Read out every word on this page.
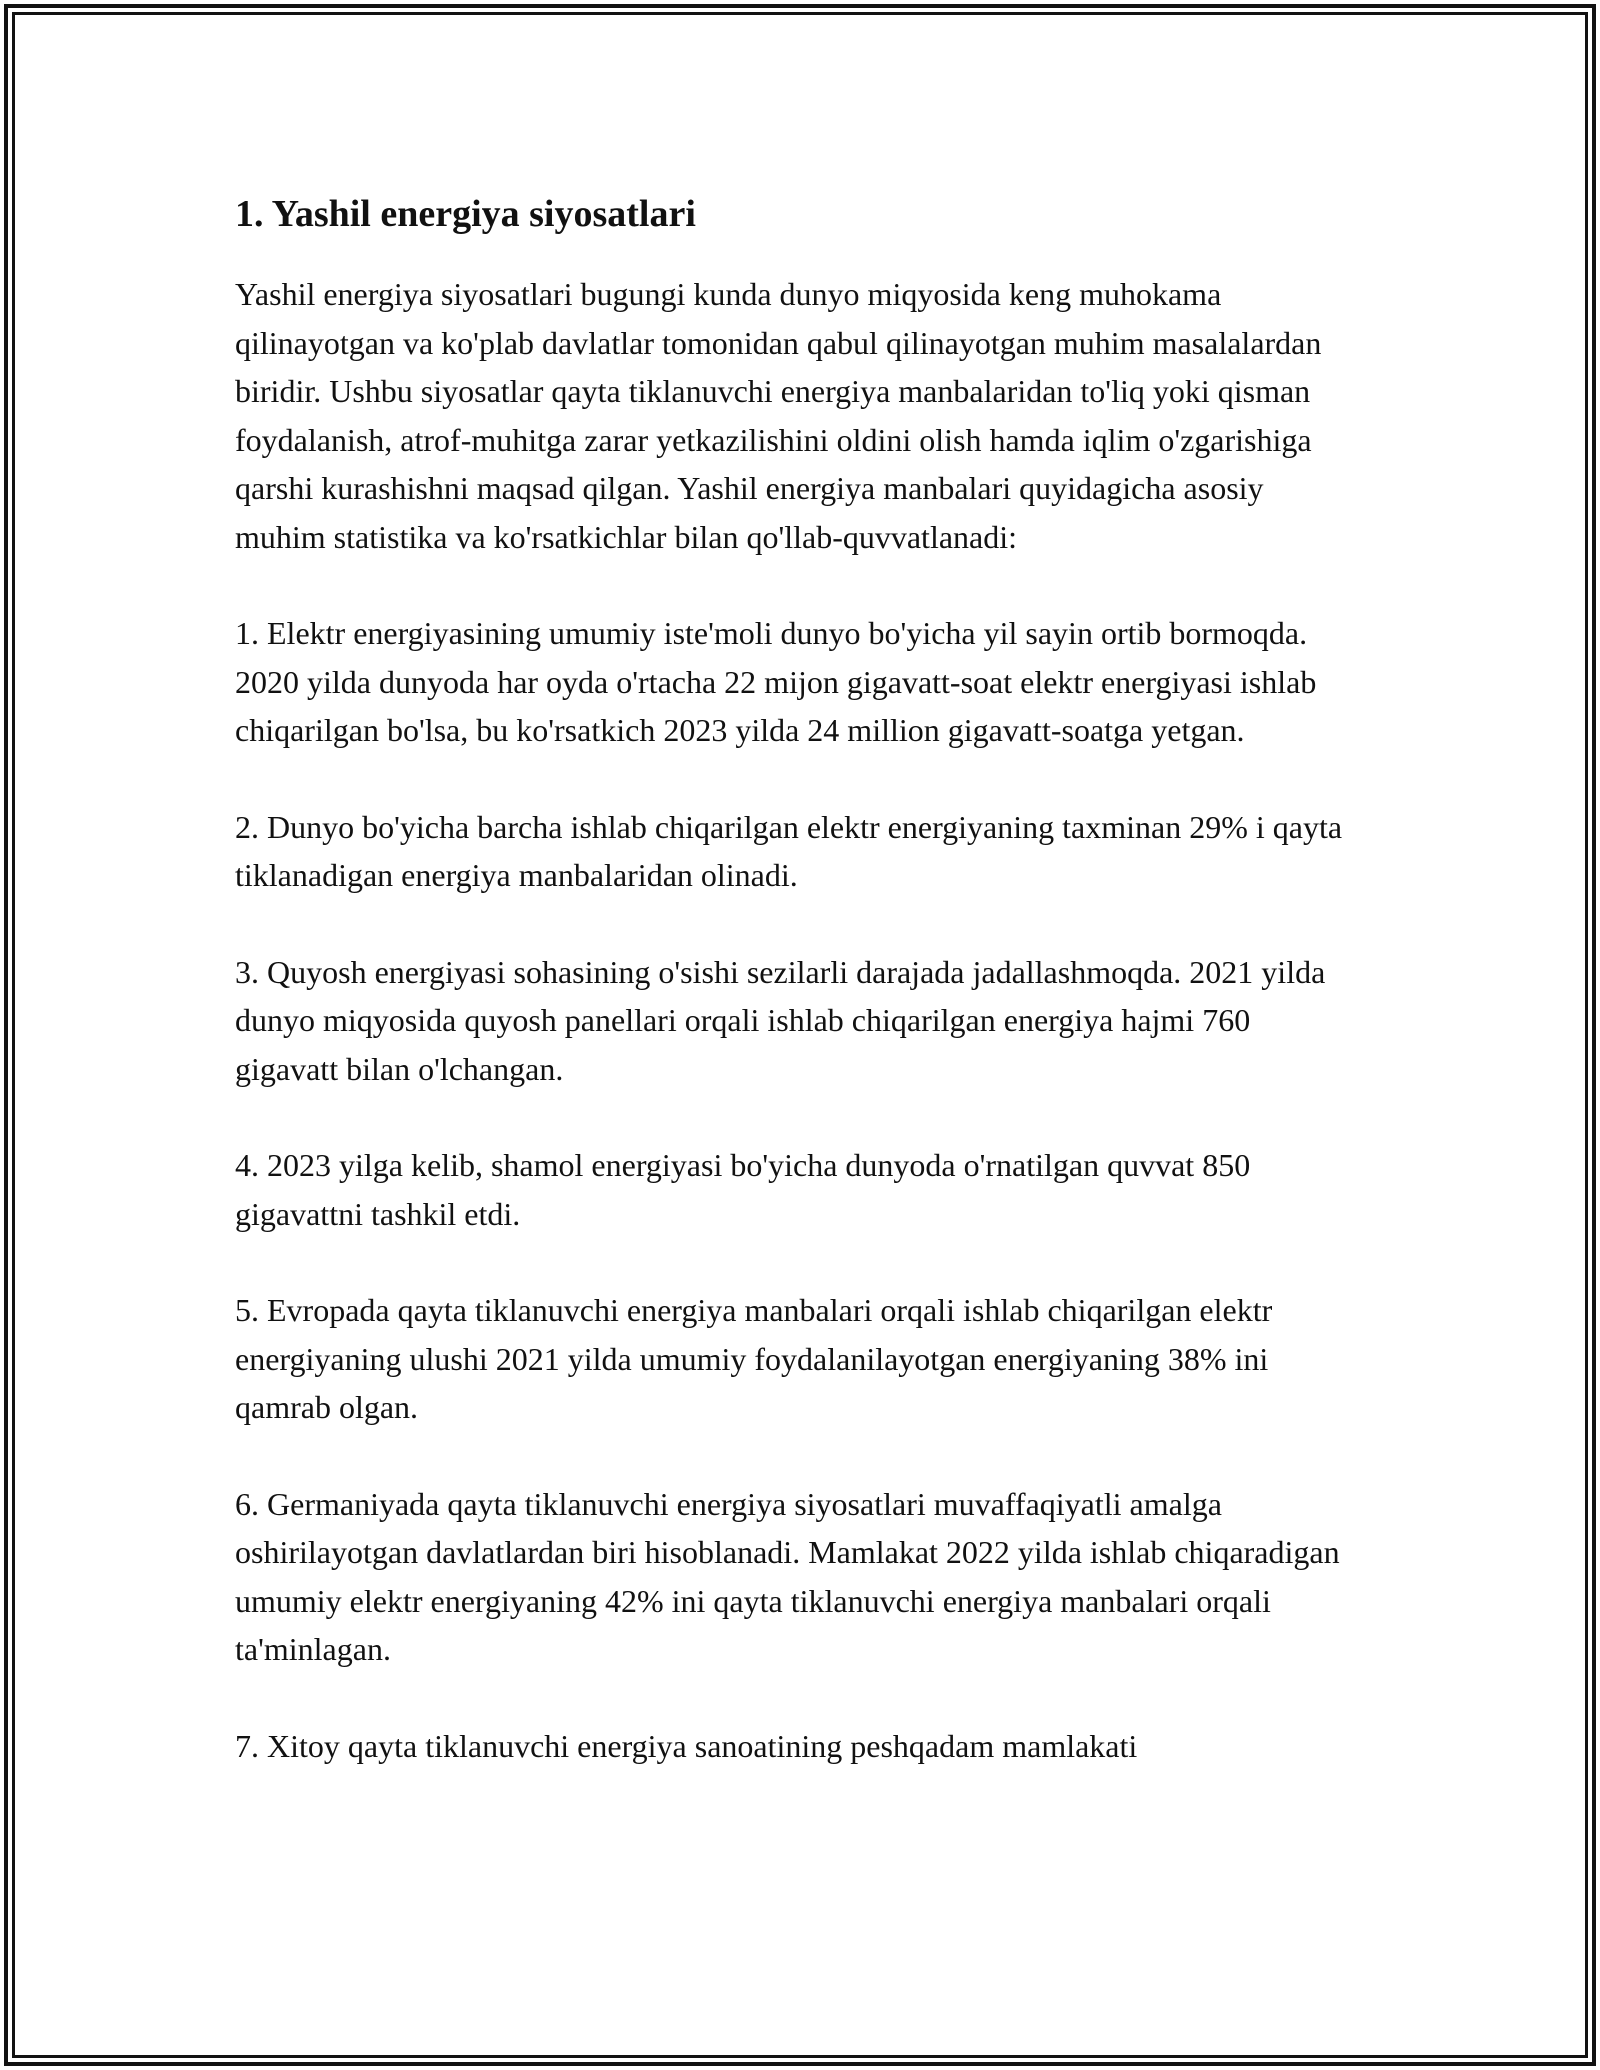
1. Yashil energiya siyosatlari

Yashil energiya siyosatlari bugungi kunda dunyo miqyosida keng muhokama qilinayotgan va ko'plab davlatlar tomonidan qabul qilinayotgan muhim masalalardan biridir. Ushbu siyosatlar qayta tiklanuvchi energiya manbalaridan to'liq yoki qisman foydalanish, atrof-muhitga zarar yetkazilishini oldini olish hamda iqlim o'zgarishiga qarshi kurashishni maqsad qilgan. Yashil energiya manbalari quyidagicha asosiy muhim statistika va ko'rsatkichlar bilan qo'llab-quvvatlanadi:

1. Elektr energiyasining umumiy iste'moli dunyo bo'yicha yil sayin ortib bormoqda. 2020 yilda dunyoda har oyda o'rtacha 22 mijon gigavatt-soat elektr energiyasi ishlab chiqarilgan bo'lsa, bu ko'rsatkich 2023 yilda 24 million gigavatt-soatga yetgan.

2. Dunyo bo'yicha barcha ishlab chiqarilgan elektr energiyaning taxminan 29% i qayta tiklanadigan energiya manbalaridan olinadi.

3. Quyosh energiyasi sohasining o'sishi sezilarli darajada jadallashmoqda. 2021 yilda dunyo miqyosida quyosh panellari orqali ishlab chiqarilgan energiya hajmi 760 gigavatt bilan o'lchangan.

4. 2023 yilga kelib, shamol energiyasi bo'yicha dunyoda o'rnatilgan quvvat 850 gigavattni tashkil etdi.

5. Evropada qayta tiklanuvchi energiya manbalari orqali ishlab chiqarilgan elektr energiyaning ulushi 2021 yilda umumiy foydalanilayotgan energiyaning 38% ini qamrab olgan.

6. Germaniyada qayta tiklanuvchi energiya siyosatlari muvaffaqiyatli amalga oshirilayotgan davlatlardan biri hisoblanadi. Mamlakat 2022 yilda ishlab chiqaradigan umumiy elektr energiyaning 42% ini qayta tiklanuvchi energiya manbalari orqali ta'minlagan.

7. Xitoy qayta tiklanuvchi energiya sanoatining peshqadam mamlakati
